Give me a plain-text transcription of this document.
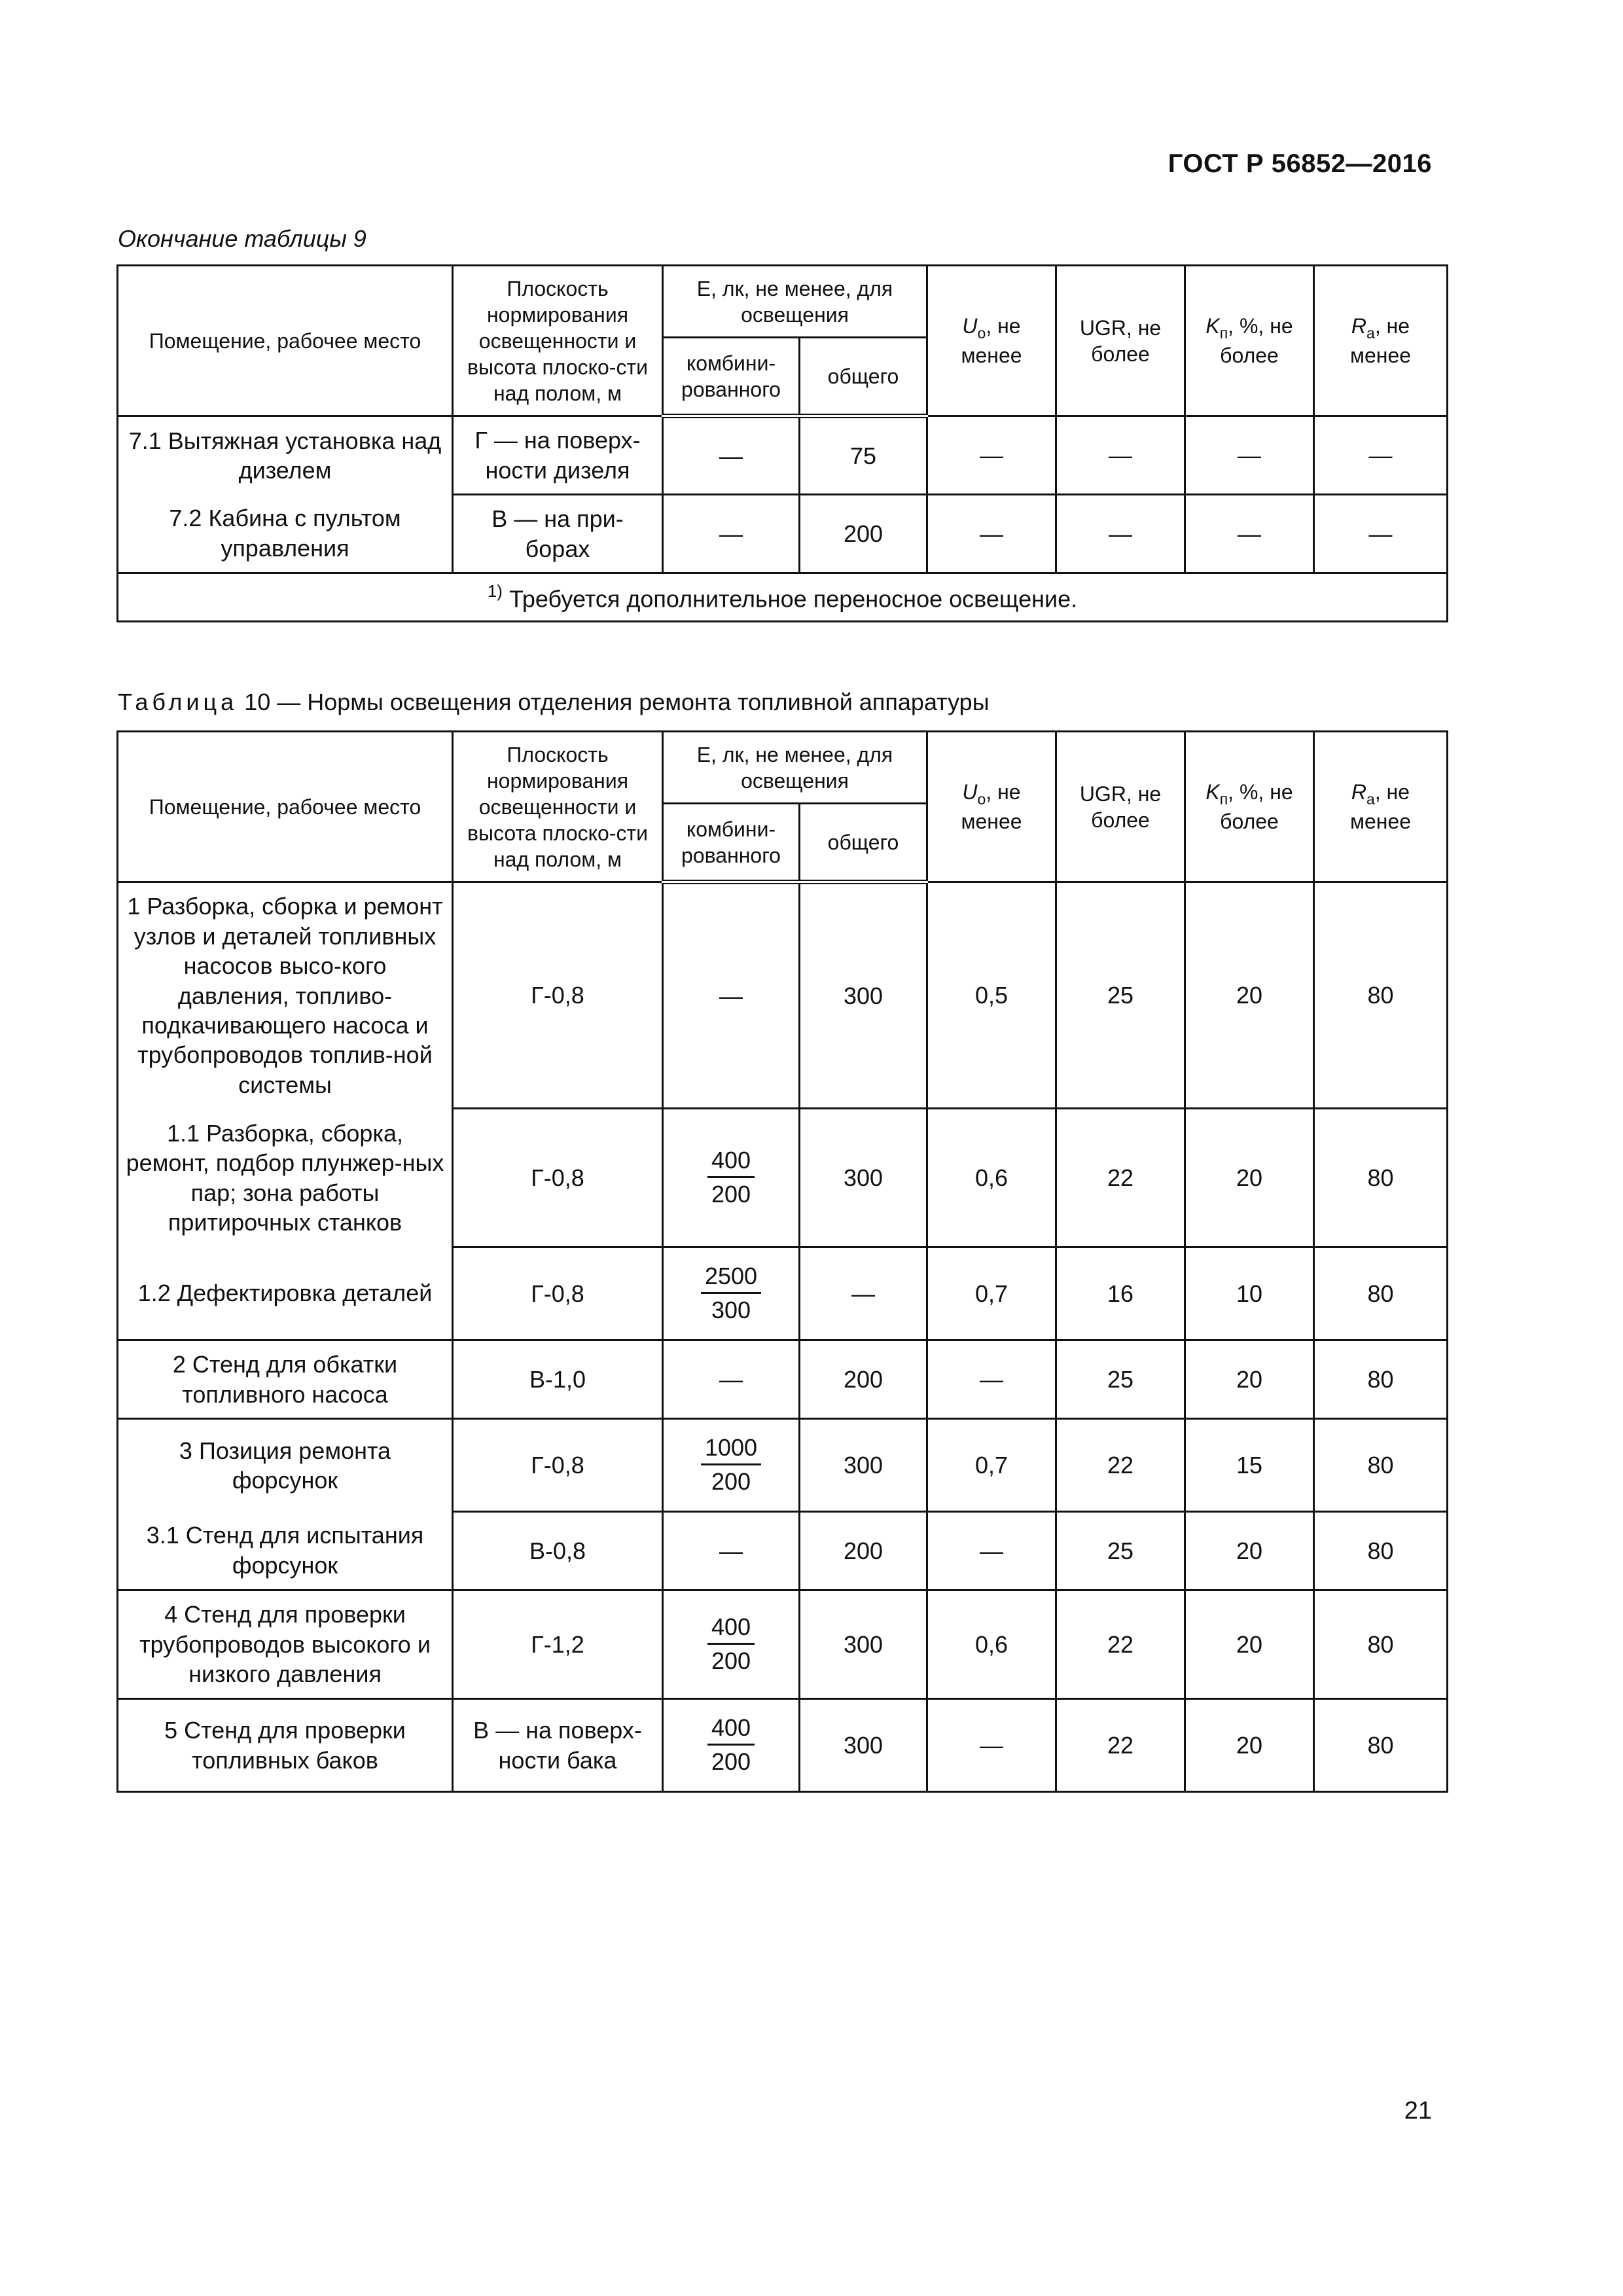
ГОСТ Р 56852—2016
Окончание таблицы 9
Помещение, рабочее место	Плоскость нормирования освещенности и высота плоско-сти над полом, м	E, лк, не менее, для освещения		$U_о$, не менее	UGR, не более	$K_п$, %, не более	$R_a$, не менее
		комбини-рованного	общего				
7.1 Вытяжная установка над дизелем	Г — на поверх-ности дизеля	—	75	—	—	—	—
7.2 Кабина с пультом управления	В — на при-борах	—	200	—	—	—	—
$^{1)}$ Требуется дополнительное переносное освещение.							
Таблица 10 — Нормы освещения отделения ремонта топливной аппаратуры
Помещение, рабочее место	Плоскость нормирования освещенности и высота плоско-сти над полом, м	E, лк, не менее, для освещения		$U_о$, не менее	UGR, не более	$K_п$, %, не более	$R_a$, не менее
		комбини-рованного	общего				
1 Разборка, сборка и ремонт узлов и деталей топливных насосов высо-кого давления, топливо-подкачивающего насоса и трубопроводов топлив-ной системы	Г-0,8	—	300	0,5	25	20	80
1.1 Разборка, сборка, ремонт, подбор плунжер-ных пар; зона работы притирочных станков	Г-0,8	$\frac{400}{200}$	300	0,6	22	20	80
1.2 Дефектировка деталей	Г-0,8	$\frac{2500}{300}$	—	0,7	16	10	80
2 Стенд для обкатки топливного насоса	В-1,0	—	200	—	25	20	80
3 Позиция ремонта форсунок	Г-0,8	$\frac{1000}{200}$	300	0,7	22	15	80
3.1 Стенд для испытания форсунок	В-0,8	—	200	—	25	20	80
4 Стенд для проверки трубопроводов высокого и низкого давления	Г-1,2	$\frac{400}{200}$	300	0,6	22	20	80
5 Стенд для проверки топливных баков	В — на поверх-ности бака	$\frac{400}{200}$	300	—	22	20	80
21
